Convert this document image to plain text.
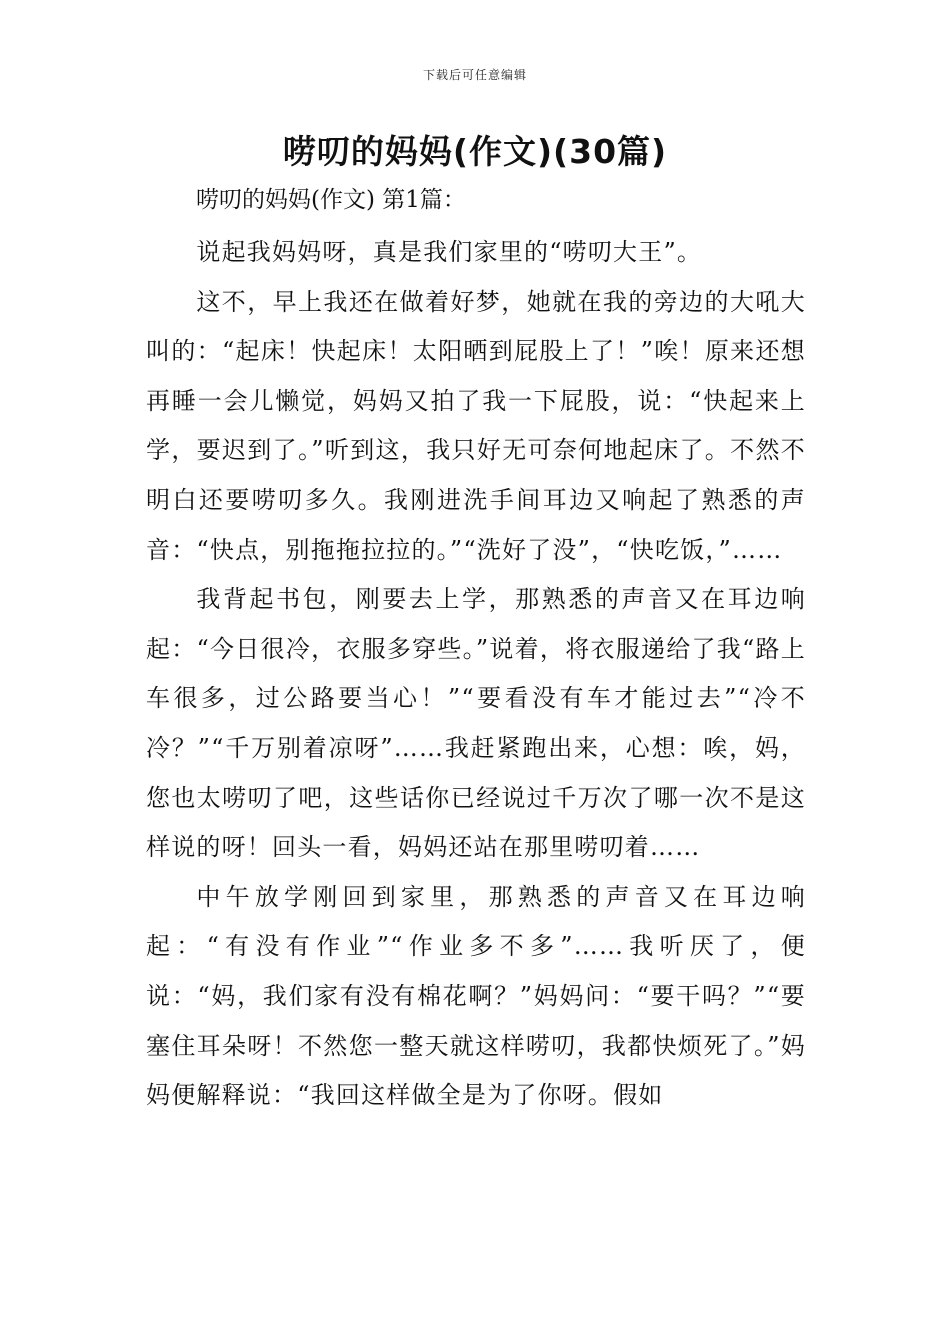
下载后可任意编辑
唠叨的妈妈(作文)(30篇)

唠叨的妈妈(作文) 第1篇：

说起我妈妈呀，真是我们家里的“唠叨大王”。

这不，早上我还在做着好梦，她就在我的旁边的大吼大叫的：“起床！快起床！太阳晒到屁股上了！”唉！原来还想再睡一会儿懒觉，妈妈又拍了我一下屁股，说：“快起来上学，要迟到了。”听到这，我只好无可奈何地起床了。不然不明白还要唠叨多久。我刚进洗手间耳边又响起了熟悉的声音：“快点，别拖拖拉拉的。”“洗好了没”，“快吃饭，”……

我背起书包，刚要去上学，那熟悉的声音又在耳边响起：“今日很冷，衣服多穿些。”说着，将衣服递给了我“路上车很多，过公路要当心！”“要看没有车才能过去”“冷不冷？”“千万别着凉呀”……我赶紧跑出来，心想：唉，妈，您也太唠叨了吧，这些话你已经说过千万次了哪一次不是这样说的呀！回头一看，妈妈还站在那里唠叨着……

中午放学刚回到家里，那熟悉的声音又在耳边响起：“有没有作业”“作业多不多”……我听厌了，便说：“妈，我们家有没有棉花啊？”妈妈问：“要干吗？”“要塞住耳朵呀！不然您一整天就这样唠叨，我都快烦死了。”妈妈便解释说：“我回这样做全是为了你呀。假如
